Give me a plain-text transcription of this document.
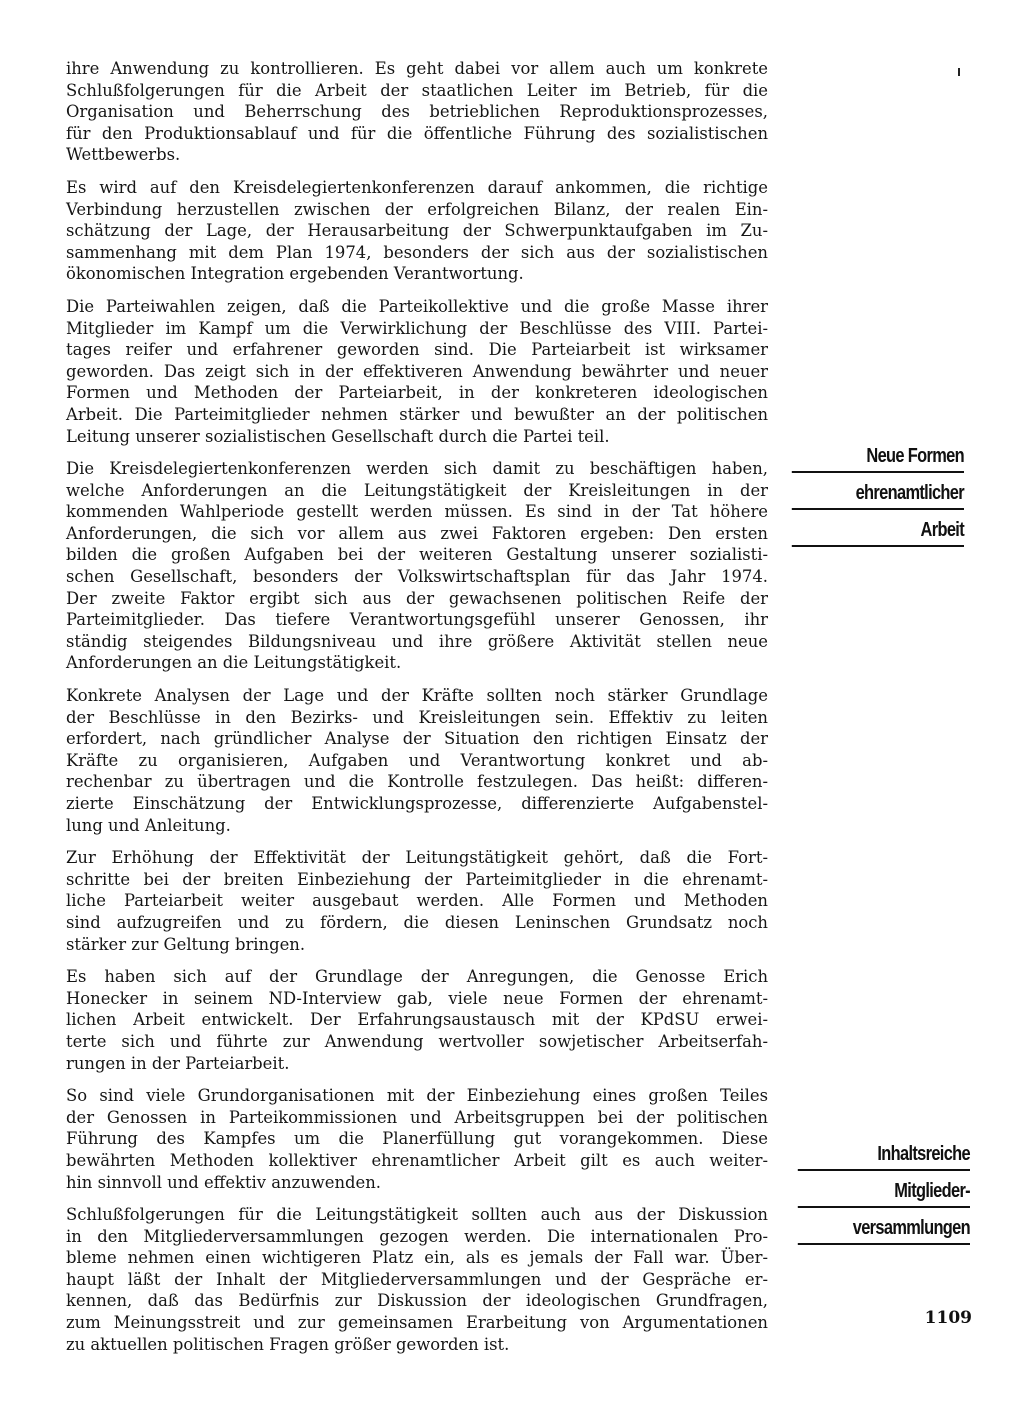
ihre Anwendung zu kontrollieren. Es geht dabei vor allem auch um konkrete
Schlußfolgerungen für die Arbeit der staatlichen Leiter im Betrieb, für die
Organisation und Beherrschung des betrieblichen Reproduktionsprozesses,
für den Produktionsablauf und für die öffentliche Führung des sozialistischen
Wettbewerbs.

Es wird auf den Kreisdelegiertenkonferenzen darauf ankommen, die richtige
Verbindung herzustellen zwischen der erfolgreichen Bilanz, der realen Ein-
schätzung der Lage, der Herausarbeitung der Schwerpunktaufgaben im Zu-
sammenhang mit dem Plan 1974, besonders der sich aus der sozialistischen
ökonomischen Integration ergebenden Verantwortung.

Die Parteiwahlen zeigen, daß die Parteikollektive und die große Masse ihrer
Mitglieder im Kampf um die Verwirklichung der Beschlüsse des VIII. Partei-
tages reifer und erfahrener geworden sind. Die Parteiarbeit ist wirksamer
geworden. Das zeigt sich in der effektiveren Anwendung bewährter und neuer
Formen und Methoden der Parteiarbeit, in der konkreteren ideologischen
Arbeit. Die Parteimitglieder nehmen stärker und bewußter an der politischen
Leitung unserer sozialistischen Gesellschaft durch die Partei teil.

Die Kreisdelegiertenkonferenzen werden sich damit zu beschäftigen haben,
welche Anforderungen an die Leitungstätigkeit der Kreisleitungen in der
kommenden Wahlperiode gestellt werden müssen. Es sind in der Tat höhere
Anforderungen, die sich vor allem aus zwei Faktoren ergeben: Den ersten
bilden die großen Aufgaben bei der weiteren Gestaltung unserer sozialisti-
schen Gesellschaft, besonders der Volkswirtschaftsplan für das Jahr 1974.
Der zweite Faktor ergibt sich aus der gewachsenen politischen Reife der
Parteimitglieder. Das tiefere Verantwortungsgefühl unserer Genossen, ihr
ständig steigendes Bildungsniveau und ihre größere Aktivität stellen neue
Anforderungen an die Leitungstätigkeit.

Konkrete Analysen der Lage und der Kräfte sollten noch stärker Grundlage
der Beschlüsse in den Bezirks- und Kreisleitungen sein. Effektiv zu leiten
erfordert, nach gründlicher Analyse der Situation den richtigen Einsatz der
Kräfte zu organisieren, Aufgaben und Verantwortung konkret und ab-
rechenbar zu übertragen und die Kontrolle festzulegen. Das heißt: differen-
zierte Einschätzung der Entwicklungsprozesse, differenzierte Aufgabenstel-
lung und Anleitung.

Zur Erhöhung der Effektivität der Leitungstätigkeit gehört, daß die Fort-
schritte bei der breiten Einbeziehung der Parteimitglieder in die ehrenamt-
liche Parteiarbeit weiter ausgebaut werden. Alle Formen und Methoden
sind aufzugreifen und zu fördern, die diesen Leninschen Grundsatz noch
stärker zur Geltung bringen.

Es haben sich auf der Grundlage der Anregungen, die Genosse Erich
Honecker in seinem ND-Interview gab, viele neue Formen der ehrenamt-
lichen Arbeit entwickelt. Der Erfahrungsaustausch mit der KPdSU erwei-
terte sich und führte zur Anwendung wertvoller sowjetischer Arbeitserfah-
rungen in der Parteiarbeit.

So sind viele Grundorganisationen mit der Einbeziehung eines großen Teiles
der Genossen in Parteikommissionen und Arbeitsgruppen bei der politischen
Führung des Kampfes um die Planerfüllung gut vorangekommen. Diese
bewährten Methoden kollektiver ehrenamtlicher Arbeit gilt es auch weiter-
hin sinnvoll und effektiv anzuwenden.

Schlußfolgerungen für die Leitungstätigkeit sollten auch aus der Diskussion
in den Mitgliederversammlungen gezogen werden. Die internationalen Pro-
bleme nehmen einen wichtigeren Platz ein, als es jemals der Fall war. Über-
haupt läßt der Inhalt der Mitgliederversammlungen und der Gespräche er-
kennen, daß das Bedürfnis zur Diskussion der ideologischen Grundfragen,
zum Meinungsstreit und zur gemeinsamen Erarbeitung von Argumentationen
zu aktuellen politischen Fragen größer geworden ist.

Neue Formen
ehrenamtlicher
Arbeit
Inhaltsreiche
Mitglieder-
versammlungen
1109
